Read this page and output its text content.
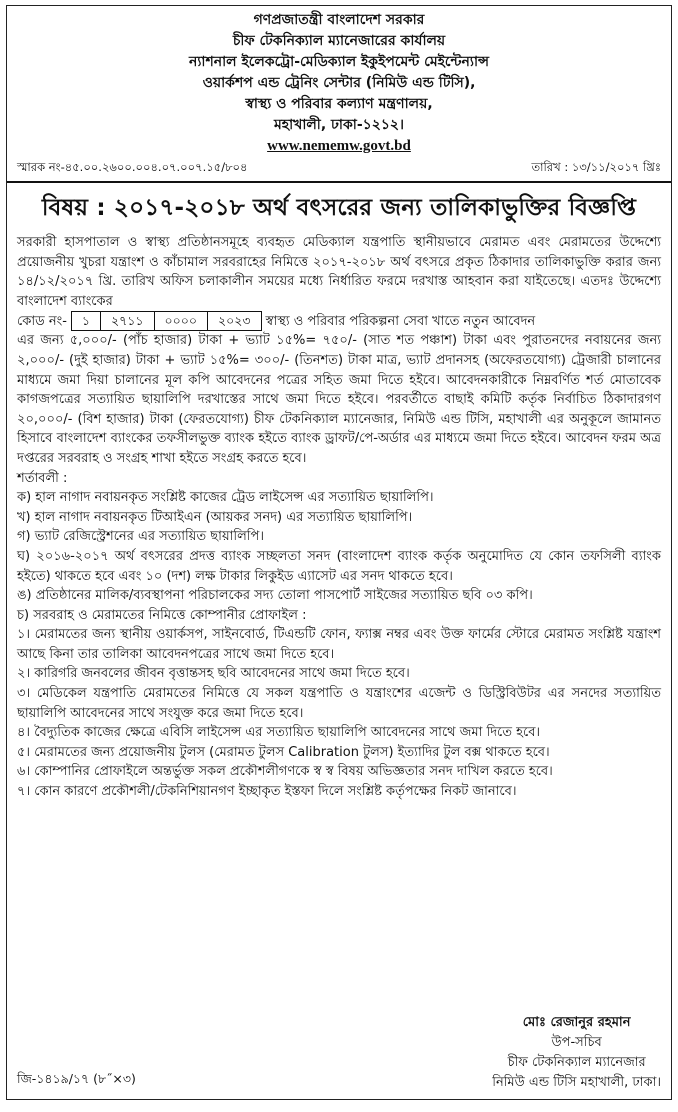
গণপ্রজাতন্ত্রী বাংলাদেশ সরকার
চীফ টেকনিক্যাল ম্যানেজারের কার্যালয়
ন্যাশনাল ইলেকট্রো-মেডিক্যাল ইকুইপমেন্ট মেইন্টেন্যান্স
ওয়ার্কশপ এন্ড ট্রেনিং সেন্টার (নিমিউ এন্ড টিসি),
স্বাস্থ্য ও পরিবার কল্যাণ মন্ত্রণালয়,
মহাখালী, ঢাকা-১২১২।
www.nememw.govt.bd
স্মারক নং-৪৫.০০.২৬০০.০০৪.০৭.০০৭.১৫/৮০৪	তারিখ : ১৩/১১/২০১৭ খ্রিঃ
বিষয় : ২০১৭-২০১৮ অর্থ বৎসরের জন্য তালিকাভুক্তির বিজ্ঞপ্তি

সরকারী হাসপাতাল ও স্বাস্থ্য প্রতিষ্ঠানসমূহে ব্যবহৃত মেডিক্যাল যন্ত্রপাতি স্থানীয়ভাবে মেরামত এবং মেরামতের উদ্দেশ্যে প্রয়োজনীয় খুচরা যন্ত্রাংশ ও কাঁচামাল সরবরাহের নিমিত্তে ২০১৭-২০১৮ অর্থ বৎসরে প্রকৃত ঠিকাদার তালিকাভুক্তি করার জন্য ১৪/১২/২০১৭ খ্রি. তারিখ অফিস চলাকালীন সময়ের মধ্যে নির্ধারিত ফরমে দরখাস্ত আহবান করা যাইতেছে। এতদঃ উদ্দেশ্যে বাংলাদেশ ব্যাংকের

কোড নং-	১	২৭১১	০০০০	২০২৩	স্বাস্থ্য ও পরিবার পরিকল্পনা সেবা খাতে নতুন আবেদন

এর জন্য ৫,০০০/- (পাঁচ হাজার) টাকা + ভ্যাট ১৫%= ৭৫০/- (সাত শত পঞ্চাশ) টাকা এবং পুরাতনদের নবায়নের জন্য ২,০০০/- (দুই হাজার) টাকা + ভ্যাট ১৫%= ৩০০/- (তিনশত) টাকা মাত্র, ভ্যাট প্রদানসহ (অফেরতযোগ্য) ট্রেজারী চালানের মাধ্যমে জমা দিয়া চালানের মূল কপি আবেদনের পত্রের সহিত জমা দিতে হইবে। আবেদনকারীকে নিম্নবর্ণিত শর্ত মোতাবেক কাগজপত্রের সত্যায়িত ছায়ালিপি দরখাস্তের সাথে জমা দিতে হইবে। পরবর্তীতে বাছাই কমিটি কর্তৃক নির্বাচিত ঠিকাদারগণ ২০,০০০/- (বিশ হাজার) টাকা (ফেরতযোগ্য) চীফ টেকনিক্যাল ম্যানেজার, নিমিউ এন্ড টিসি, মহাখালী এর অনুকূলে জামানত হিসাবে বাংলাদেশ ব্যাংকের তফসীলভুক্ত ব্যাংক হইতে ব্যাংক ড্রাফট/পে-অর্ডার এর মাধ্যমে জমা দিতে হইবে। আবেদন ফরম অত্র দপ্তরের সরবরাহ ও সংগ্রহ শাখা হইতে সংগ্রহ করতে হবে।

শর্তাবলী :
ক) হাল নাগাদ নবায়নকৃত সংশ্লিষ্ট কাজের ট্রেড লাইসেন্স এর সত্যায়িত ছায়ালিপি।
খ) হাল নাগাদ নবায়নকৃত টিআইএন (আয়কর সনদ) এর সত্যায়িত ছায়ালিপি।
গ) ভ্যাট রেজিস্ট্রেশনের এর সত্যায়িত ছায়ালিপি।
ঘ) ২০১৬-২০১৭ অর্থ বৎসরের প্রদত্ত ব্যাংক সচ্ছলতা সনদ (বাংলাদেশ ব্যাংক কর্তৃক অনুমোদিত যে কোন তফসিলী ব্যাংক হইতে) থাকতে হবে এবং ১০ (দশ) লক্ষ টাকার লিকুইড এ্যাসেট এর সনদ থাকতে হবে।
ঙ) প্রতিষ্ঠানের মালিক/ব্যবস্থাপনা পরিচালকের সদ্য তোলা পাসপোর্ট সাইজের সত্যায়িত ছবি ০৩ কপি।
চ) সরবরাহ ও মেরামতের নিমিত্তে কোম্পানীর প্রোফাইল :
১। মেরামতের জন্য স্থানীয় ওয়ার্কসপ, সাইনবোর্ড, টিএন্ডটি ফোন, ফ্যাক্স নম্বর এবং উক্ত ফার্মের স্টোরে মেরামত সংশ্লিষ্ট যন্ত্রাংশ আছে কিনা তার তালিকা আবেদনপত্রের সাথে জমা দিতে হবে।
২। কারিগরি জনবলের জীবন বৃত্তান্তসহ ছবি আবেদনের সাথে জমা দিতে হবে।
৩। মেডিকেল যন্ত্রপাতি মেরামতের নিমিত্তে যে সকল যন্ত্রপাতি ও যন্ত্রাংশের এজেন্ট ও ডিস্ট্রিবিউটর এর সনদের সত্যায়িত ছায়ালিপি আবেদনের সাথে সংযুক্ত করে জমা দিতে হবে।
৪। বৈদ্যুতিক কাজের ক্ষেত্রে এবিসি লাইসেন্স এর সত্যায়িত ছায়ালিপি আবেদনের সাথে জমা দিতে হবে।
৫। মেরামতের জন্য প্রয়োজনীয় টুলস (মেরামত টুলস Calibration টুলস) ইত্যাদির টুল বক্স থাকতে হবে।
৬। কোম্পানির প্রোফাইলে অন্তর্ভুক্ত সকল প্রকৌশলীগণকে স্ব স্ব বিষয় অভিজ্ঞতার সনদ দাখিল করতে হবে।
৭। কোন কারণে প্রকৌশলী/টেকনিশিয়ানগণ ইচ্ছাকৃত ইস্তফা দিলে সংশ্লিষ্ট কর্তৃপক্ষের নিকট জানাবে।
জি-১৪১৯/১৭ (৮˝×৩)
মোঃ রেজানুর রহমান
উপ-সচিব
চীফ টেকনিক্যাল ম্যানেজার
নিমিউ এন্ড টিসি মহাখালী, ঢাকা।
